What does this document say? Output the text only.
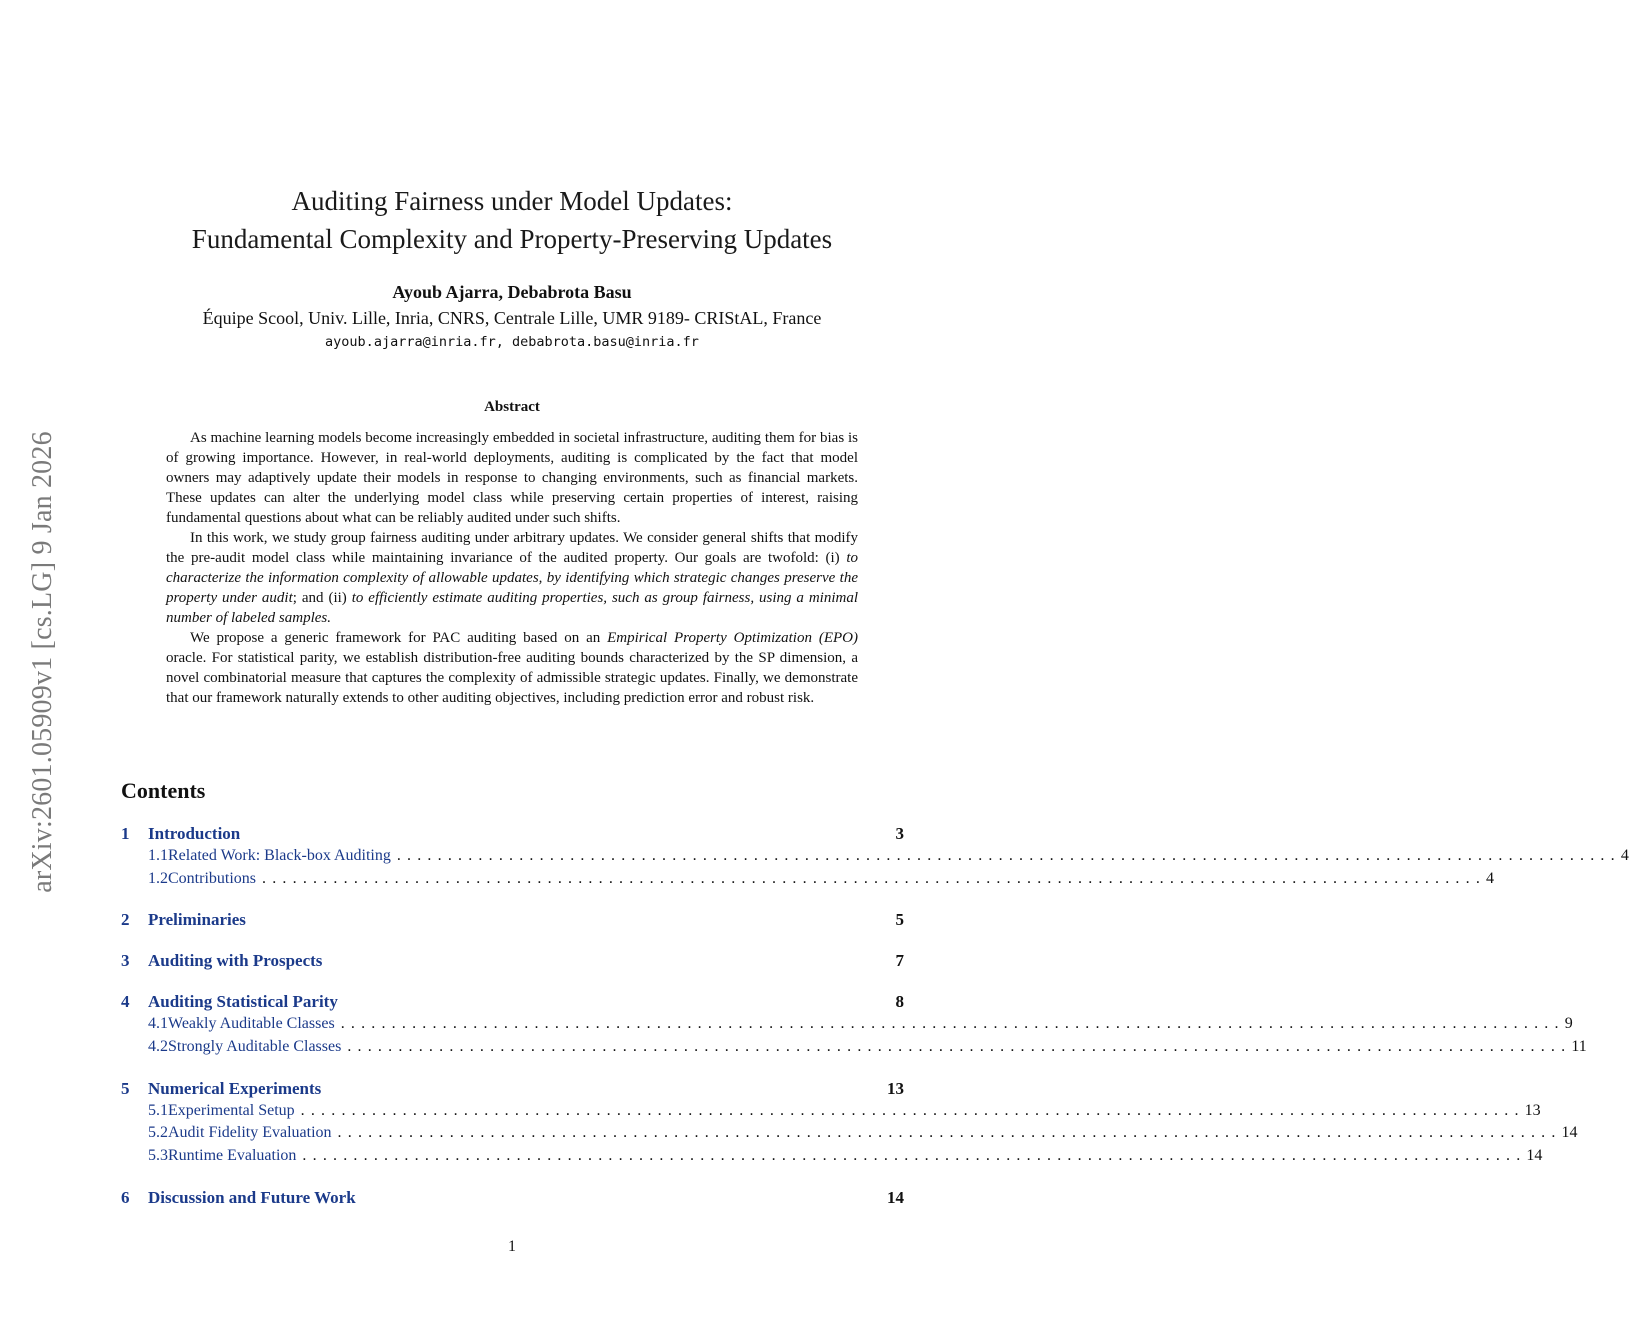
arXiv:2601.05909v1 [cs.LG] 9 Jan 2026
Auditing Fairness under Model Updates:
Fundamental Complexity and Property-Preserving Updates
Ayoub Ajarra, Debabrota Basu
Équipe Scool, Univ. Lille, Inria, CNRS, Centrale Lille, UMR 9189- CRIStAL, France
ayoub.ajarra@inria.fr, debabrota.basu@inria.fr
Abstract

As machine learning models become increasingly embedded in societal infrastructure, auditing them for bias is of growing importance. However, in real-world deployments, auditing is complicated by the fact that model owners may adaptively update their models in response to changing environments, such as financial markets. These updates can alter the underlying model class while preserving certain properties of interest, raising fundamental questions about what can be reliably audited under such shifts.

In this work, we study group fairness auditing under arbitrary updates. We consider general shifts that modify the pre-audit model class while maintaining invariance of the audited property. Our goals are twofold: (i) to characterize the information complexity of allowable updates, by identifying which strategic changes preserve the property under audit; and (ii) to efficiently estimate auditing properties, such as group fairness, using a minimal number of labeled samples.

We propose a generic framework for PAC auditing based on an Empirical Property Optimization (EPO) oracle. For statistical parity, we establish distribution-free auditing bounds characterized by the SP dimension, a novel combinatorial measure that captures the complexity of admissible strategic updates. Finally, we demonstrate that our framework naturally extends to other auditing objectives, including prediction error and robust risk.

Contents
1	Introduction	3
1.1 Related Work: Black-box Auditing ........................................................................................................................ 4
1.2 Contributions ........................................................................................................................ 4
2	Preliminaries	5
3	Auditing with Prospects	7
4	Auditing Statistical Parity	8
4.1 Weakly Auditable Classes ........................................................................................................................ 9
4.2 Strongly Auditable Classes ........................................................................................................................ 11
5	Numerical Experiments	13
5.1 Experimental Setup ........................................................................................................................ 13
5.2 Audit Fidelity Evaluation ........................................................................................................................ 14
5.3 Runtime Evaluation ........................................................................................................................ 14
6	Discussion and Future Work	14
1
